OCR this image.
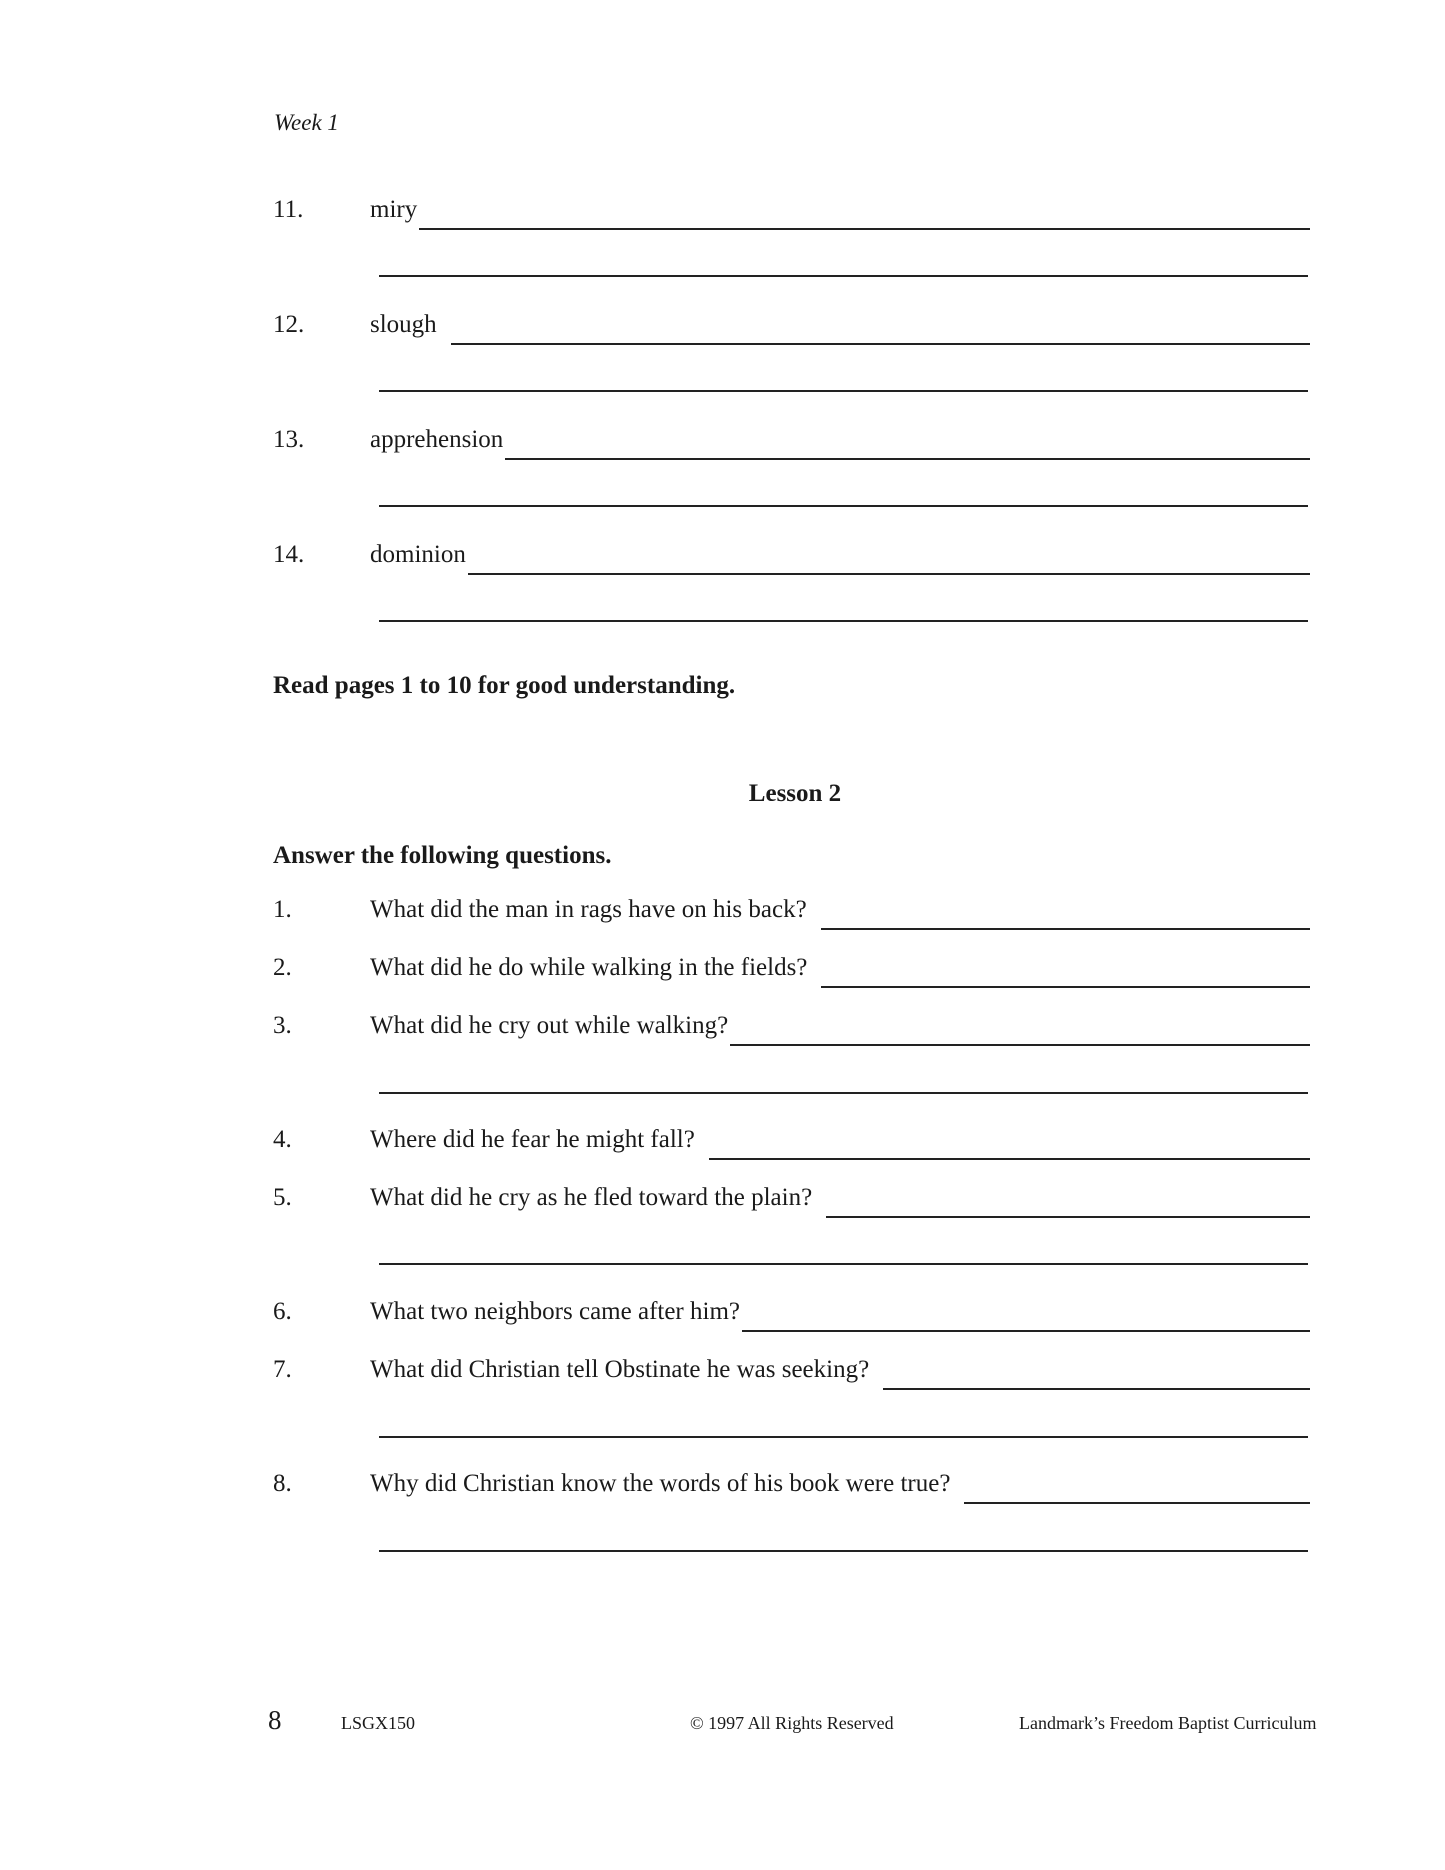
Week 1
11.	miry
12.	slough
13.	apprehension
14.	dominion
Read pages 1 to 10 for good understanding.
Lesson 2
Answer the following questions.
1.	What did the man in rags have on his back?
2.	What did he do while walking in the fields?
3.	What did he cry out while walking?
4.	Where did he fear he might fall?
5.	What did he cry as he fled toward the plain?
6.	What two neighbors came after him?
7.	What did Christian tell Obstinate he was seeking?
8.	Why did Christian know the words of his book were true?
8	LSGX150	© 1997 All Rights Reserved	Landmark’s Freedom Baptist Curriculum
